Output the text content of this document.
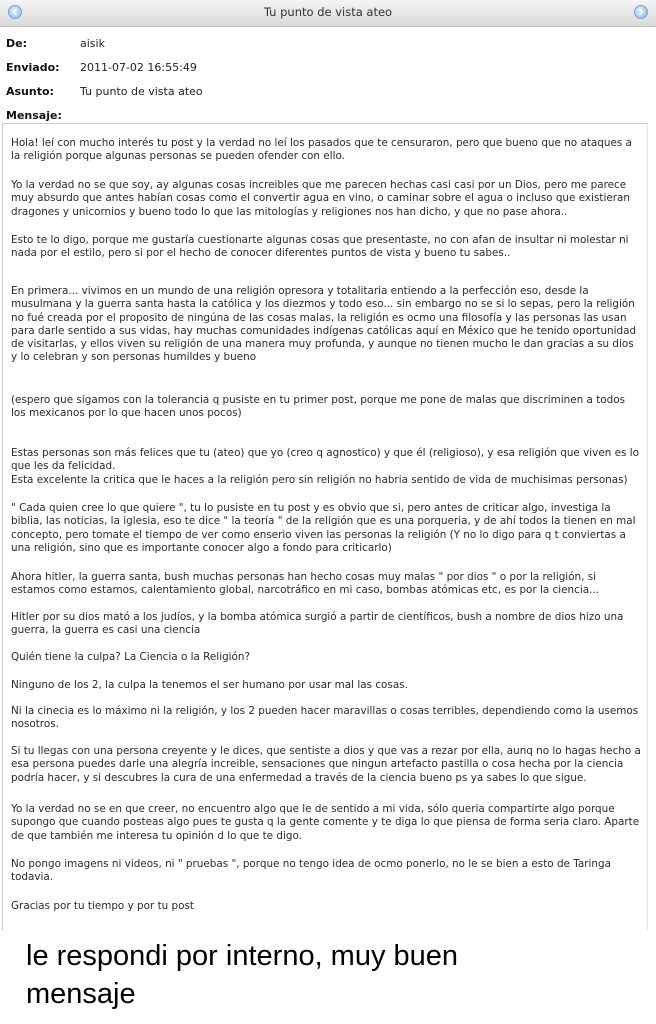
Tu punto de vista ateo
De:	aisik
Enviado: 2011-07-02 16:55:49
Asunto: Tu punto de vista ateo
Mensaje:
Hola! leí con mucho interés tu post y la verdad no leí los pasados que te censuraron, pero que bueno que no ataques a la religión porque algunas personas se pueden ofender con ello.
Yo la verdad no se que soy, ay algunas cosas increibles que me parecen hechas casi casi por un Dios, pero me parece muy absurdo que antes habían cosas como el convertir agua en vino, o caminar sobre el agua o incluso que existieran dragones y unicornios y bueno todo lo que las mitologías y religiones nos han dicho, y que no pase ahora..
Esto te lo digo, porque me gustaría cuestionarte algunas cosas que presentaste, no con afan de insultar ni molestar ni nada por el estilo, pero si por el hecho de conocer diferentes puntos de vista y bueno tu sabes..
En primera... vivimos en un mundo de una religión opresora y totalitaria entiendo a la perfección eso, desde la musulmana y la guerra santa hasta la católica y los diezmos y todo eso... sin embargo no se si lo sepas, pero la religión no fué creada por el proposito de ningúna de las cosas malas, la religión es ocmo una filosofía y las personas las usan para darle sentido a sus vidas, hay muchas comunidades indígenas católicas aquí en México que he tenido oportunidad de visitarlas, y ellos viven su religión de una manera muy profunda, y aunque no tienen mucho le dan gracias a su dios y lo celebran y son personas humildes y bueno
(espero que sigamos con la tolerancia q pusiste en tu primer post, porque me pone de malas que discriminen a todos los mexicanos por lo que hacen unos pocos)
Estas personas son más felices que tu (ateo) que yo (creo q agnostico) y que él (religioso), y esa religión que viven es lo que les da felicidad.
Esta excelente la critica que le haces a la religión pero sin religión no habria sentido de vida de muchisimas personas)
" Cada quien cree lo que quiere ", tu lo pusiste en tu post y es obvio que si, pero antes de criticar algo, investiga la biblia, las noticias, la iglesia, eso te dice " la teoría " de la religión que es una porqueria, y de ahí todos la tienen en mal concepto, pero tomate el tiempo de ver como enserio viven las personas la religión (Y no lo digo para q t conviertas a una religión, sino que es importante conocer algo a fondo para criticarlo)
Ahora hitler, la guerra santa, bush muchas personas han hecho cosas muy malas " por dios " o por la religión, si estamos como estamos, calentamiento global, narcotráfico en mi caso, bombas atómicas etc, es por la ciencia...
Hitler por su dios mató a los judíos, y la bomba atómica surgió a partir de científicos, bush a nombre de dios hizo una guerra, la guerra es casi una ciencia
Quién tiene la culpa? La Ciencia o la Religión?
Ninguno de los 2, la culpa la tenemos el ser humano por usar mal las cosas.
Ni la cinecia es lo máximo ni la religión, y los 2 pueden hacer maravillas o cosas terribles, dependiendo como la usemos nosotros.
Si tu llegas con una persona creyente y le dices, que sentiste a dios y que vas a rezar por ella, aunq no lo hagas hecho a esa persona puedes darle una alegría increible, sensaciones que ningun artefacto pastilla o cosa hecha por la ciencia podría hacer, y si descubres la cura de una enfermedad a través de la ciencia bueno ps ya sabes lo que sigue.
Yo la verdad no se en que creer, no encuentro algo que le de sentido a mi vida, sólo queria compartirte algo porque supongo que cuando posteas algo pues te gusta q la gente comente y te diga lo que piensa de forma seria claro. Aparte de que también me interesa tu opinión d lo que te digo.
No pongo imagens ni videos, ni " pruebas ", porque no tengo idea de ocmo ponerlo, no le se bien a esto de Taringa todavia.
Gracias por tu tiempo y por tu post
le respondi por interno, muy buen
mensaje
